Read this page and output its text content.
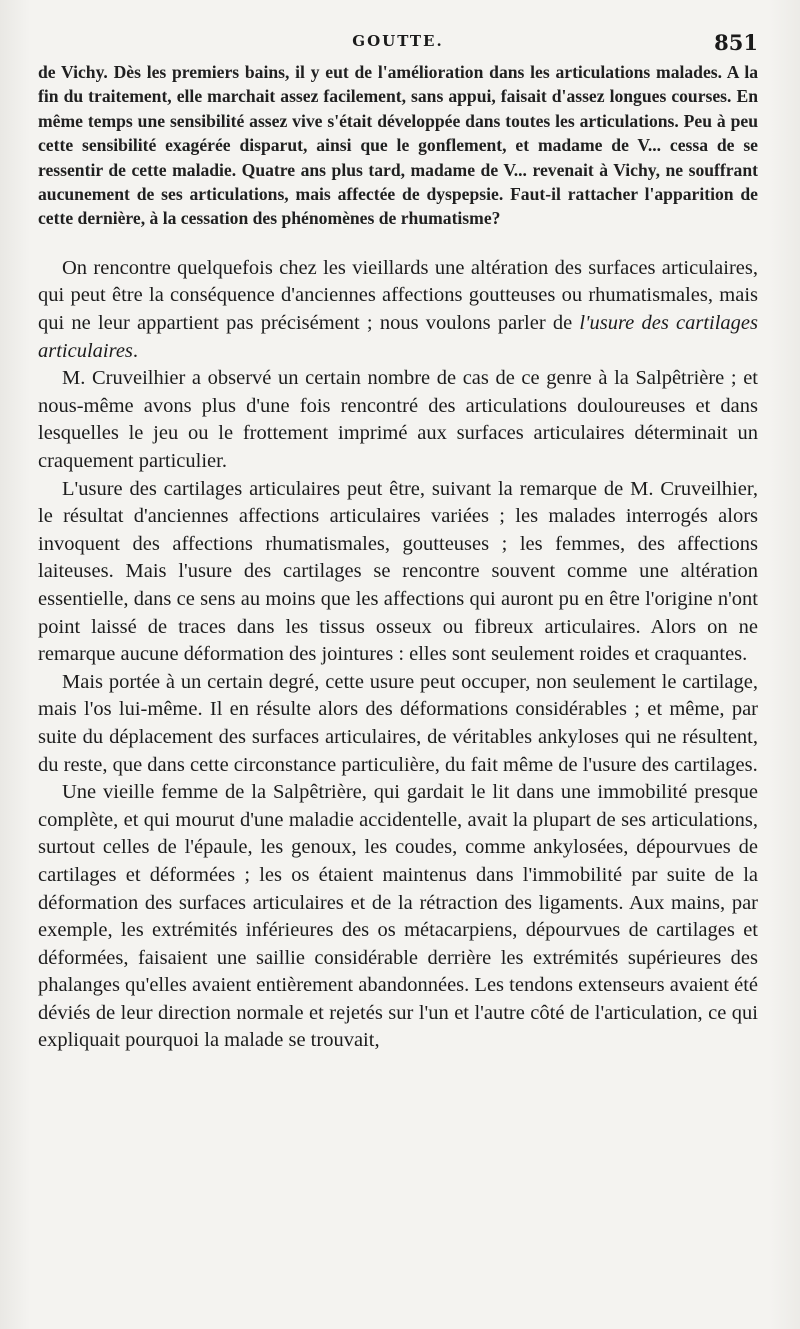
GOUTTE.	851

de Vichy. Dès les premiers bains, il y eut de l'amélioration dans les articulations malades. A la fin du traitement, elle marchait assez facilement, sans appui, faisait d'assez longues courses. En même temps une sensibilité assez vive s'était développée dans toutes les articulations. Peu à peu cette sensibilité exagérée disparut, ainsi que le gonflement, et madame de V... cessa de se ressentir de cette maladie. Quatre ans plus tard, madame de V... revenait à Vichy, ne souffrant aucunement de ses articulations, mais affectée de dyspepsie. Faut-il rattacher l'apparition de cette dernière, à la cessation des phénomènes de rhumatisme?

On rencontre quelquefois chez les vieillards une altération des surfaces articulaires, qui peut être la conséquence d'anciennes affections goutteuses ou rhumatismales, mais qui ne leur appartient pas précisément ; nous voulons parler de l'usure des cartilages articulaires.

M. Cruveilhier a observé un certain nombre de cas de ce genre à la Salpêtrière ; et nous-même avons plus d'une fois rencontré des articulations douloureuses et dans lesquelles le jeu ou le frottement imprimé aux surfaces articulaires déterminait un craquement particulier.

L'usure des cartilages articulaires peut être, suivant la remarque de M. Cruveilhier, le résultat d'anciennes affections articulaires variées ; les malades interrogés alors invoquent des affections rhumatismales, goutteuses ; les femmes, des affections laiteuses. Mais l'usure des cartilages se rencontre souvent comme une altération essentielle, dans ce sens au moins que les affections qui auront pu en être l'origine n'ont point laissé de traces dans les tissus osseux ou fibreux articulaires. Alors on ne remarque aucune déformation des jointures : elles sont seulement roides et craquantes.

Mais portée à un certain degré, cette usure peut occuper, non seulement le cartilage, mais l'os lui-même. Il en résulte alors des déformations considérables ; et même, par suite du déplacement des surfaces articulaires, de véritables ankyloses qui ne résultent, du reste, que dans cette circonstance particulière, du fait même de l'usure des cartilages.

Une vieille femme de la Salpêtrière, qui gardait le lit dans une immobilité presque complète, et qui mourut d'une maladie accidentelle, avait la plupart de ses articulations, surtout celles de l'épaule, les genoux, les coudes, comme ankylosées, dépourvues de cartilages et déformées ; les os étaient maintenus dans l'immobilité par suite de la déformation des surfaces articulaires et de la rétraction des ligaments. Aux mains, par exemple, les extrémités inférieures des os métacarpiens, dépourvues de cartilages et déformées, faisaient une saillie considérable derrière les extrémités supérieures des phalanges qu'elles avaient entièrement abandonnées. Les tendons extenseurs avaient été déviés de leur direction normale et rejetés sur l'un et l'autre côté de l'articulation, ce qui expliquait pourquoi la malade se trouvait,
